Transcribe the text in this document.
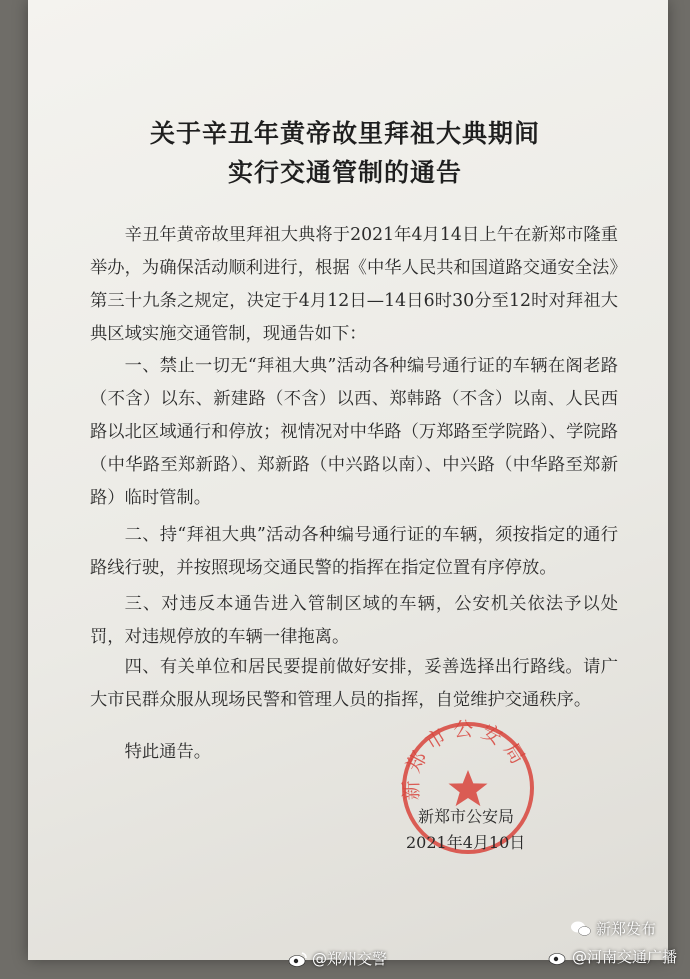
关于辛丑年黄帝故里拜祖大典期间
实行交通管制的通告

辛丑年黄帝故里拜祖大典将于2021年4月14日上午在新郑市隆重举办，为确保活动顺利进行，根据《中华人民共和国道路交通安全法》第三十九条之规定，决定于4月12日—14日6时30分至12时对拜祖大典区域实施交通管制，现通告如下：

一、禁止一切无“拜祖大典”活动各种编号通行证的车辆在阁老路（不含）以东、新建路（不含）以西、郑韩路（不含）以南、人民西路以北区域通行和停放；视情况对中华路（万郑路至学院路）、学院路（中华路至郑新路）、郑新路（中兴路以南）、中兴路（中华路至郑新路）临时管制。

二、持“拜祖大典”活动各种编号通行证的车辆，须按指定的通行路线行驶，并按照现场交通民警的指挥在指定位置有序停放。

三、对违反本通告进入管制区域的车辆，公安机关依法予以处罚，对违规停放的车辆一律拖离。

四、有关单位和居民要提前做好安排，妥善选择出行路线。请广大市民群众服从现场民警和管理人员的指挥，自觉维护交通秩序。

特此通告。

新郑市公安局
新郑市公安局
2021年4月10日
@郑州交警
新郑发布
@河南交通广播
